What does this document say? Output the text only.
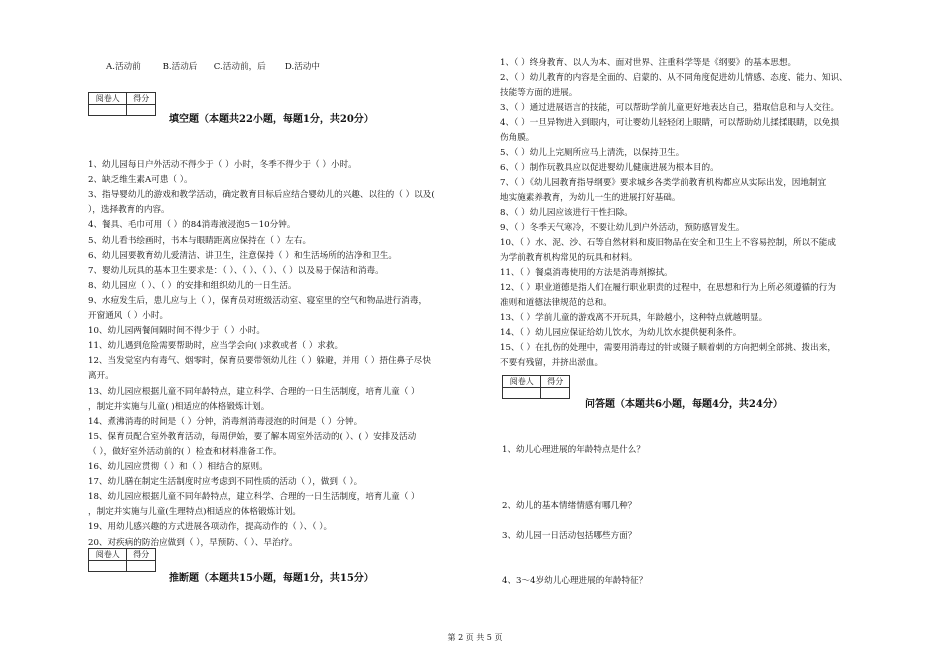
A.活动前        B.活动后      C.活动前，后       D.活动中
阅卷人	得分

填空题（本题共22小题，每题1分，共20分）
1、幼儿园每日户外活动不得少于（ ）小时，冬季不得少于（ ）小时。
2、缺乏维生素A可患（ ）。
3、指导婴幼儿的游戏和教学活动，确定教育目标后应结合婴幼儿的兴趣、以往的（ ）以及(
），选择教育的内容。
4、餐具、毛巾可用（ ）的84消毒液浸泡5－10分钟。
5、幼儿看书绘画时，书本与眼睛距离应保持在（ ）左右。
6、幼儿园要教育幼儿爱清洁、讲卫生，注意保持（ ）和生活场所的洁净和卫生。
7、婴幼儿玩具的基本卫生要求是：（ ）、（ ）、（ ）、（ ）以及易于保洁和消毒。
8、幼儿园应（ ）、（ ）的安排和组织幼儿的一日生活。
9、水痘发生后，患儿应与上（ ），保育员对班级活动室、寝室里的空气和物品进行消毒，
开窗通风（ ）小时。
10、幼儿园两餐间隔时间不得少于（ ）小时。
11、幼儿遇到危险需要帮助时，应当学会向( )求救或者（ ）求救。
12、当发觉室内有毒气、烟零时，保育员要带领幼儿往（ ）躲避，并用（ ）捂住鼻子尽快
离开。
13、幼儿园应根据儿童不同年龄特点，建立科学、合理的一日生活制度，培育儿童（ ）
，制定并实施与儿童( )相适应的体格锻炼计划。
14、煮沸消毒的时间是（ ）分钟，消毒剂消毒浸泡的时间是（ ）分钟。
15、保育员配合室外教育活动，每周伊始，要了解本周室外活动的( ）、( ）安排及活动
（ ），做好室外活动前的( ）检查和材料准备工作。
16、幼儿园应贯彻（ ）和（ ）相结合的原则。
17、幼儿膳在制定生活制度时应考虑到不同性质的活动（ ），做到（ ）。
18、幼儿园应根据儿童不同年龄特点，建立科学、合理的一日生活制度，培育儿童（ ）
，制定并实施与儿童(生理特点)相适应的体格锻炼计划。
19、用幼儿感兴趣的方式进展各项动作，提高动作的（ ）、（ ）。
20、对疾病的防治应做到（ ），早预防、（ ）、早治疗。
阅卷人	得分

推断题（本题共15小题，每题1分，共15分）
1、（ ）终身教育、以人为本、面对世界、注重科学等是《纲要》的基本思想。
2、（ ）幼儿教育的内容是全面的、启蒙的、从不同角度促进幼儿情感、态度、能力、知识、
技能等方面的进展。
3、（ ）通过进展语言的技能，可以帮助学前儿童更好地表达自己，猎取信息和与人交往。
4、（ ）一旦异物进入到眼内，可让婴幼儿轻轻闭上眼睛，可以帮助幼儿揉揉眼睛，以免损
伤角膜。
5、（ ）幼儿上完厕所应马上清洗，以保持卫生。
6、（ ）制作玩教具应以促进婴幼儿健康进展为根本目的。
7、（ ）《幼儿园教育指导纲要》要求城乡各类学前教育机构都应从实际出发，因地制宜
地实施素养教育，为幼儿一生的进展打好基础。
8、（ ）幼儿园应该进行干性扫除。
9、（ ）冬季天气寒冷，不要让幼儿到户外活动，预防感冒发生。
10、（ ）水、泥、沙、石等自然材料和废旧物品在安全和卫生上不容易控制，所以不能成
为学前教育机构常见的玩具和材料。
11、（ ）餐桌消毒使用的方法是消毒剂擦拭。
12、（ ）职业道德是指人们在履行职业职责的过程中，在思想和行为上所必须遵循的行为
准则和道德法律规范的总和。
13、（ ）学前儿童的游戏离不开玩具，年龄越小，这种特点就越明显。
14、（ ）幼儿园应保证给幼儿饮水，为幼儿饮水提供便利条件。
15、（ ）在扎伤的处理中，需要用消毒过的针或镊子顺着刺的方向把刺全部挑、拨出来，
不要有残留，并挤出淤血。
阅卷人	得分

问答题（本题共6小题，每题4分，共24分）
1、幼儿心理进展的年龄特点是什么？
2、幼儿的基本情绪情感有哪几种？
3、幼儿园一日活动包括哪些方面？
4、3～4岁幼儿心理进展的年龄特征？
第 2 页 共 5 页
